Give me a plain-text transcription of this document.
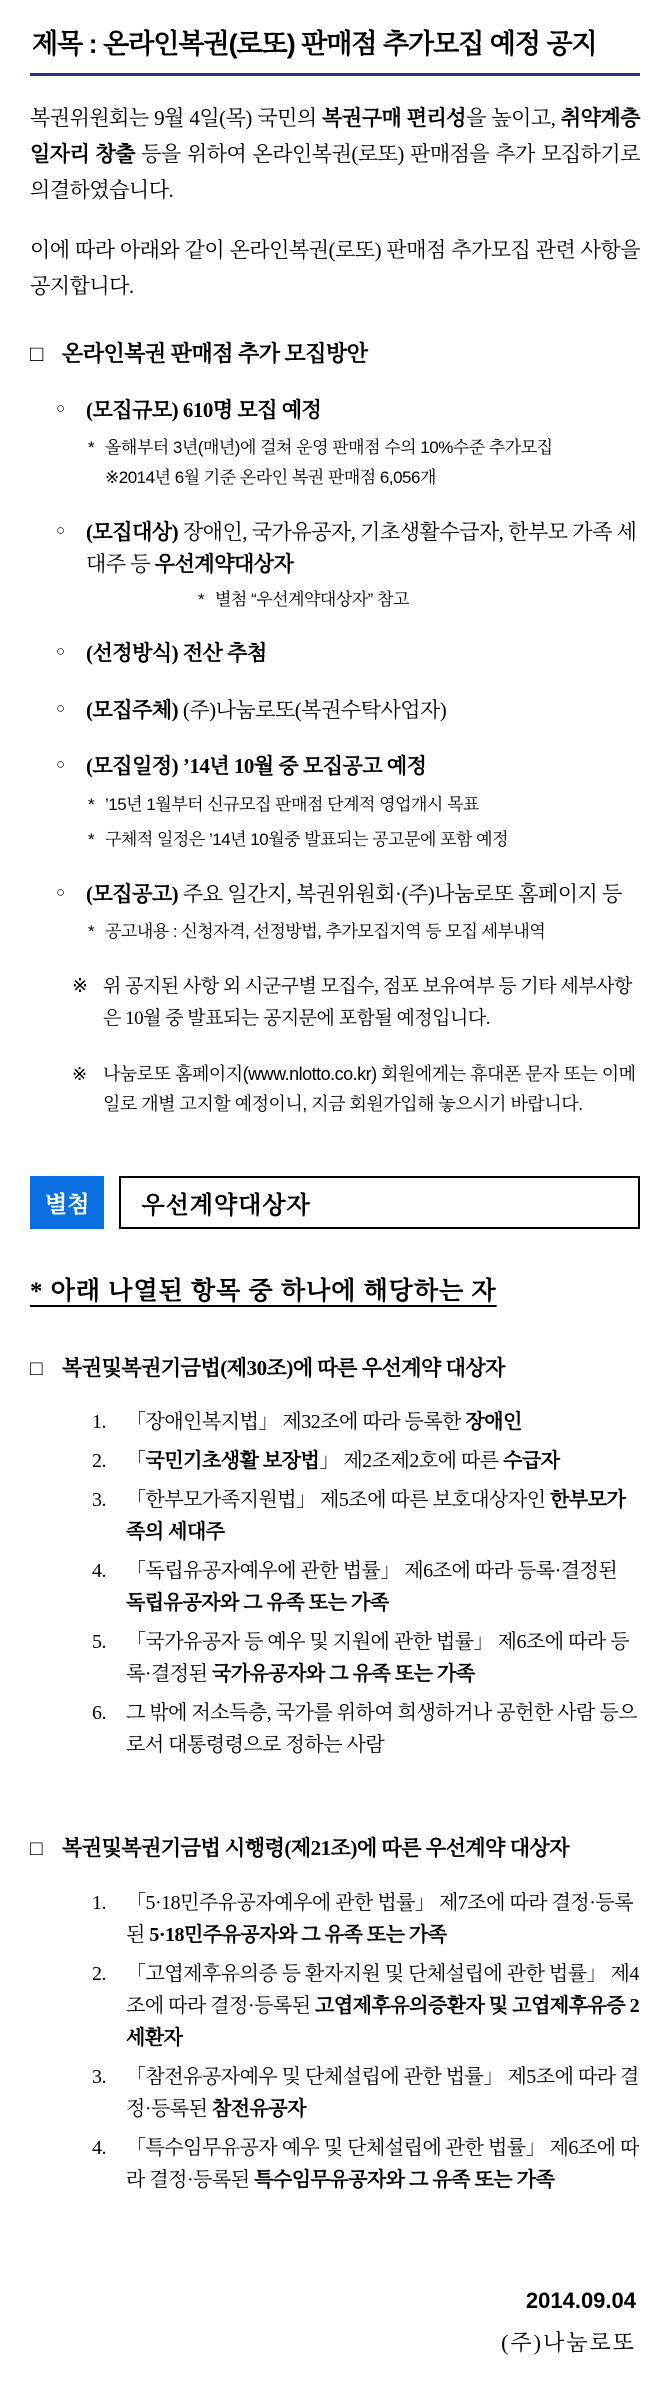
제목 : 온라인복권(로또) 판매점 추가모집 예정 공지

복권위원회는 9월 4일(목) 국민의 복권구매 편리성을 높이고, 취약계층 일자리 창출 등을 위하여 온라인복권(로또) 판매점을 추가 모집하기로 의결하였습니다.

이에 따라 아래와 같이 온라인복권(로또) 판매점 추가모집 관련 사항을 공지합니다.

□ 온라인복권 판매점 추가 모집방안
○	(모집규모) 610명 모집 예정
* 올해부터 3년(매년)에 걸쳐 운영 판매점 수의 10%수준 추가모집
※2014년 6월 기준 온라인 복권 판매점 6,056개
○	(모집대상) 장애인, 국가유공자, 기초생활수급자, 한부모 가족 세대주 등 우선계약대상자
* 별첨 “우선계약대상자” 참고
○	(선정방식) 전산 추첨
○	(모집주체) (주)나눔로또(복권수탁사업자)
○	(모집일정) ’14년 10월 중 모집공고 예정
* ’15년 1월부터 신규모집 판매점 단계적 영업개시 목표
* 구체적 일정은 ’14년 10월중 발표되는 공고문에 포함 예정
○	(모집공고) 주요 일간지, 복권위원회·(주)나눔로또 홈페이지 등
* 공고내용 : 신청자격, 선정방법, 추가모집지역 등 모집 세부내역
※ 위 공지된 사항 외 시군구별 모집수, 점포 보유여부 등 기타 세부사항은 10월 중 발표되는 공지문에 포함될 예정입니다.
※ 나눔로또 홈페이지(www.nlotto.co.kr) 회원에게는 휴대폰 문자 또는 이메일로 개별 고지할 예정이니, 지금 회원가입해 놓으시기 바랍니다.
별첨	우선계약대상자
* 아래 나열된 항목 중 하나에 해당하는 자
□ 복권및복권기금법(제30조)에 따른 우선계약 대상자
1.	「장애인복지법」 제32조에 따라 등록한 장애인
2.	「국민기초생활 보장법」 제2조제2호에 따른 수급자
3.	「한부모가족지원법」 제5조에 따른 보호대상자인 한부모가족의 세대주
4.	「독립유공자예우에 관한 법률」 제6조에 따라 등록·결정된 독립유공자와 그 유족 또는 가족
5.	「국가유공자 등 예우 및 지원에 관한 법률」 제6조에 따라 등록·결정된 국가유공자와 그 유족 또는 가족
6.	그 밖에 저소득층, 국가를 위하여 희생하거나 공헌한 사람 등으로서 대통령령으로 정하는 사람
□ 복권및복권기금법 시행령(제21조)에 따른 우선계약 대상자
1.	「5·18민주유공자예우에 관한 법률」 제7조에 따라 결정·등록된 5·18민주유공자와 그 유족 또는 가족
2.	「고엽제후유의증 등 환자지원 및 단체설립에 관한 법률」 제4조에 따라 결정·등록된 고엽제후유의증환자 및 고엽제후유증 2세환자
3.	「참전유공자예우 및 단체설립에 관한 법률」 제5조에 따라 결정·등록된 참전유공자
4.	「특수임무유공자 예우 및 단체설립에 관한 법률」 제6조에 따라 결정·등록된 특수임무유공자와 그 유족 또는 가족
2014.09.04
(주)나눔로또
